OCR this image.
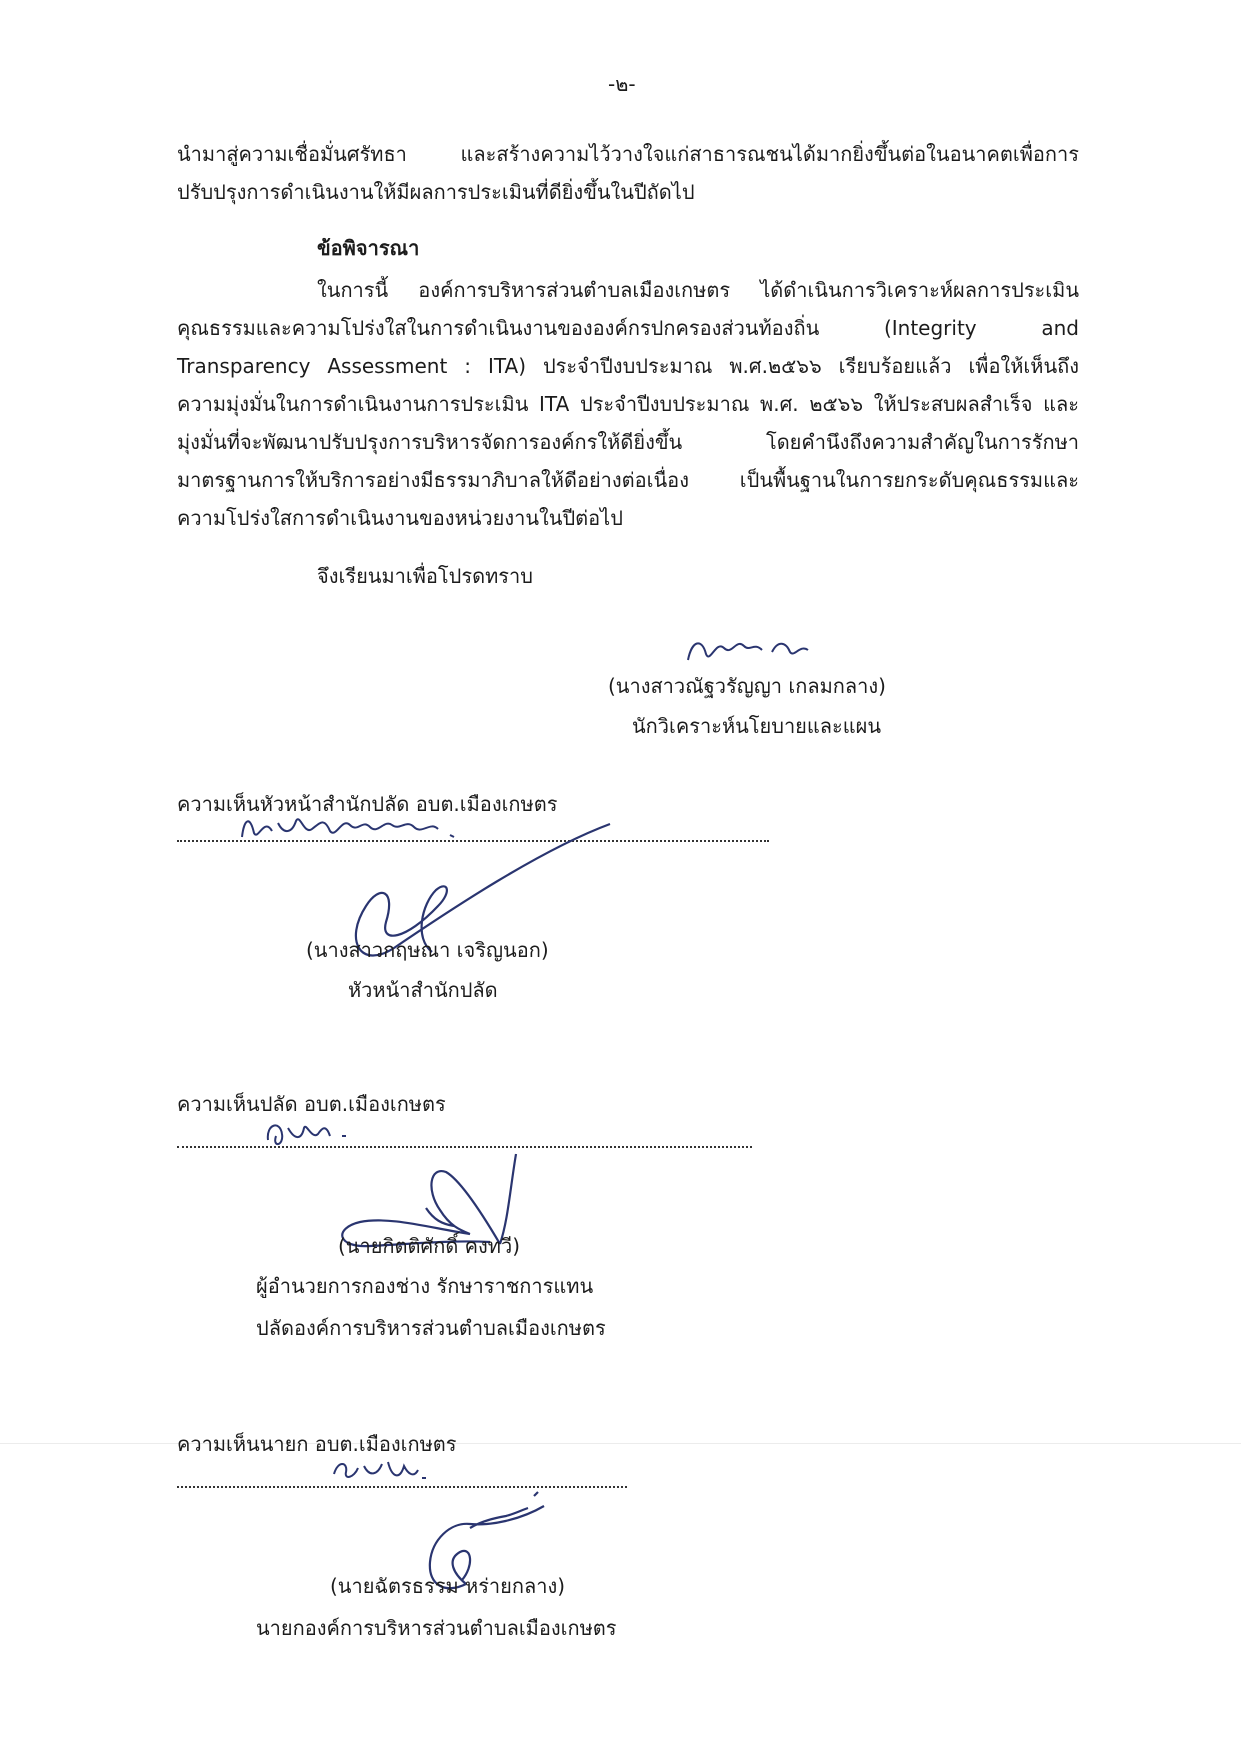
-๒-
นำมาสู่ความเชื่อมั่นศรัทธา และสร้างความไว้วางใจแก่สาธารณชนได้มากยิ่งขึ้นต่อในอนาคตเพื่อการ
ปรับปรุงการดำเนินงานให้มีผลการประเมินที่ดียิ่งขึ้นในปีถัดไป
ข้อพิจารณา
ในการนี้ องค์การบริหารส่วนตำบลเมืองเกษตร ได้ดำเนินการวิเคราะห์ผลการประเมิน
คุณธรรมและความโปร่งใสในการดำเนินงานขององค์กรปกครองส่วนท้องถิ่น (Integrity and
Transparency Assessment : ITA) ประจำปีงบประมาณ พ.ศ.๒๕๖๖ เรียบร้อยแล้ว เพื่อให้เห็นถึง
ความมุ่งมั่นในการดำเนินงานการประเมิน ITA ประจำปีงบประมาณ พ.ศ. ๒๕๖๖ ให้ประสบผลสำเร็จ และ
มุ่งมั่นที่จะพัฒนาปรับปรุงการบริหารจัดการองค์กรให้ดียิ่งขึ้น โดยคำนึงถึงความสำคัญในการรักษา
มาตรฐานการให้บริการอย่างมีธรรมาภิบาลให้ดีอย่างต่อเนื่อง เป็นพื้นฐานในการยกระดับคุณธรรมและ
ความโปร่งใสการดำเนินงานของหน่วยงานในปีต่อไป
จึงเรียนมาเพื่อโปรดทราบ
(นางสาวณัฐวรัญญา เกลมกลาง)
นักวิเคราะห์นโยบายและแผน
ความเห็นหัวหน้าสำนักปลัด อบต.เมืองเกษตร
(นางสาวกฤษณา เจริญนอก)
หัวหน้าสำนักปลัด
ความเห็นปลัด อบต.เมืองเกษตร
(นายกิตติศักดิ์ คงทวี)
ผู้อำนวยการกองช่าง รักษาราชการแทน
ปลัดองค์การบริหารส่วนตำบลเมืองเกษตร
ความเห็นนายก อบต.เมืองเกษตร
(นายฉัตรธรรม หร่ายกลาง)
นายกองค์การบริหารส่วนตำบลเมืองเกษตร
